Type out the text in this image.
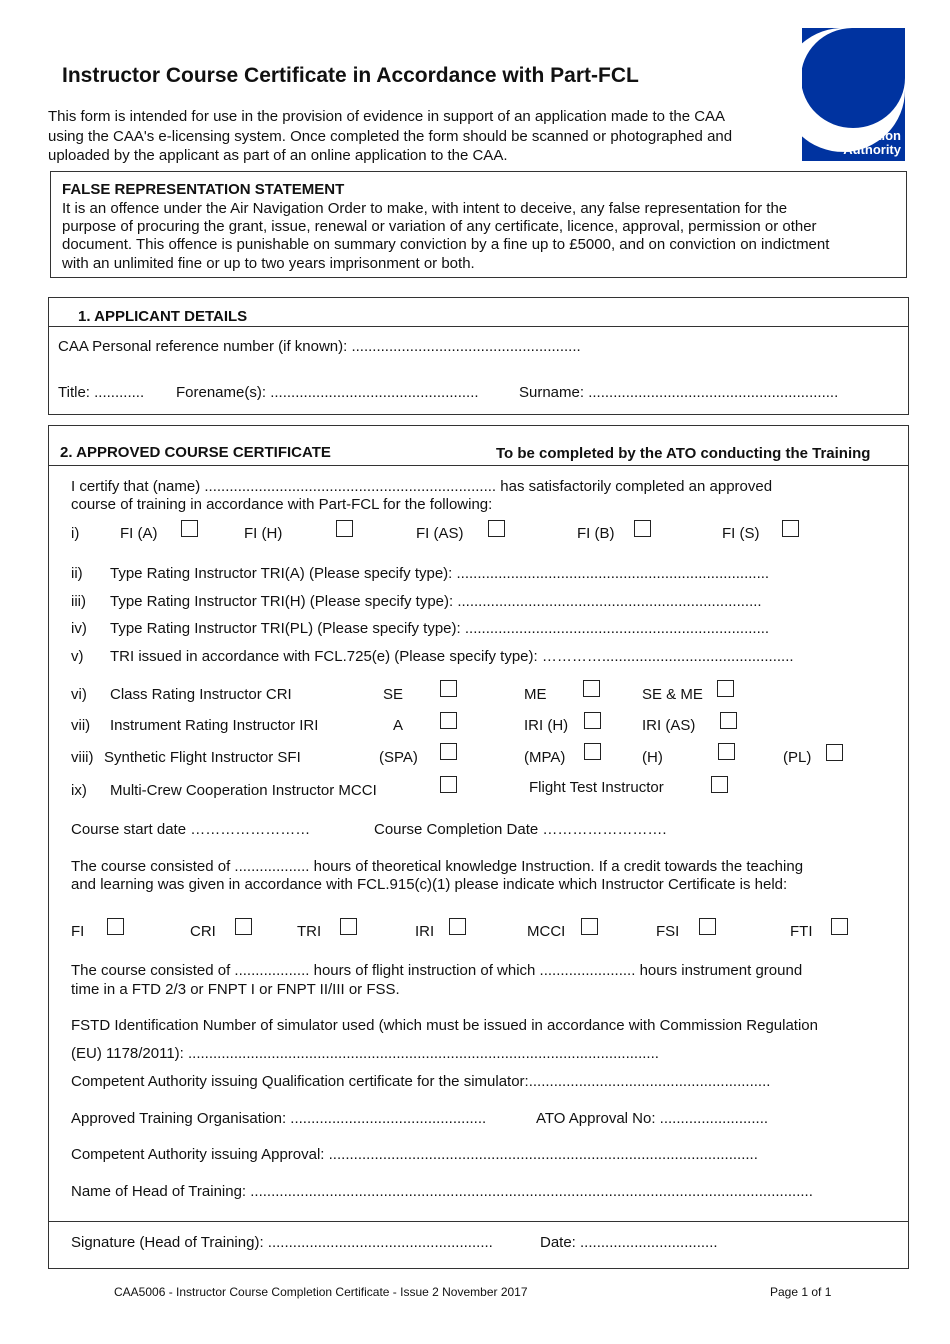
Instructor Course Certificate in Accordance with Part-FCL
This form is intended for use in the provision of evidence in support of an application made to the CAA
using the CAA's e-licensing system. Once completed the form should be scanned or photographed and
uploaded by the applicant as part of an online application to the CAA.
Civil Aviation
Authority
FALSE REPRESENTATION STATEMENT
It is an offence under the Air Navigation Order to make, with intent to deceive, any false representation for the
purpose of procuring the grant, issue, renewal or variation of any certificate, licence, approval, permission or other
document. This offence is punishable on summary conviction by a fine up to £5000, and on conviction on indictment
with an unlimited fine or up to two years imprisonment or both.
1. APPLICANT DETAILS
CAA Personal reference number (if known): .......................................................
Title: ............ Forename(s): ..................................................	Surname: ............................................................
2. APPROVED COURSE CERTIFICATE	To be completed by the ATO conducting the Training
I certify that (name) ...................................................................... has satisfactorily completed an approved
course of training in accordance with Part-FCL for the following:
i)	FI (A)	FI (H)	FI (AS)	FI (B)	FI (S)
ii) Type Rating Instructor TRI(A) (Please specify type): ...........................................................................
iii) Type Rating Instructor TRI(H) (Please specify type): .........................................................................
iv) Type Rating Instructor TRI(PL) (Please specify type): .........................................................................
v) TRI issued in accordance with FCL.725(e) (Please specify type): …………..............................................
vi) Class Rating Instructor CRI	SE	ME	SE & ME
vii) Instrument Rating Instructor IRI	A	IRI (H)	IRI (AS)
viii) Synthetic Flight Instructor SFI	(SPA)	(MPA)	(H)	(PL)
ix) Multi-Crew Cooperation Instructor MCCI	Flight Test Instructor
Course start date ……………………	Course Completion Date …………………….
The course consisted of .................. hours of theoretical knowledge Instruction. If a credit towards the teaching
and learning was given in accordance with FCL.915(c)(1) please indicate which Instructor Certificate is held:
FI	CRI	TRI	IRI	MCCI	FSI	FTI
The course consisted of .................. hours of flight instruction of which ....................... hours instrument ground
time in a FTD 2/3 or FNPT I or FNPT II/III or FSS.
FSTD Identification Number of simulator used (which must be issued in accordance with Commission Regulation
(EU) 1178/2011): .................................................................................................................
Competent Authority issuing Qualification certificate for the simulator:..........................................................
Approved Training Organisation: ...............................................	ATO Approval No: ..........................
Competent Authority issuing Approval: .......................................................................................................
Name of Head of Training: .......................................................................................................................................
Signature (Head of Training): ......................................................	Date: .................................
CAA5006 - Instructor Course Completion Certificate - Issue 2 November 2017	Page 1 of 1
